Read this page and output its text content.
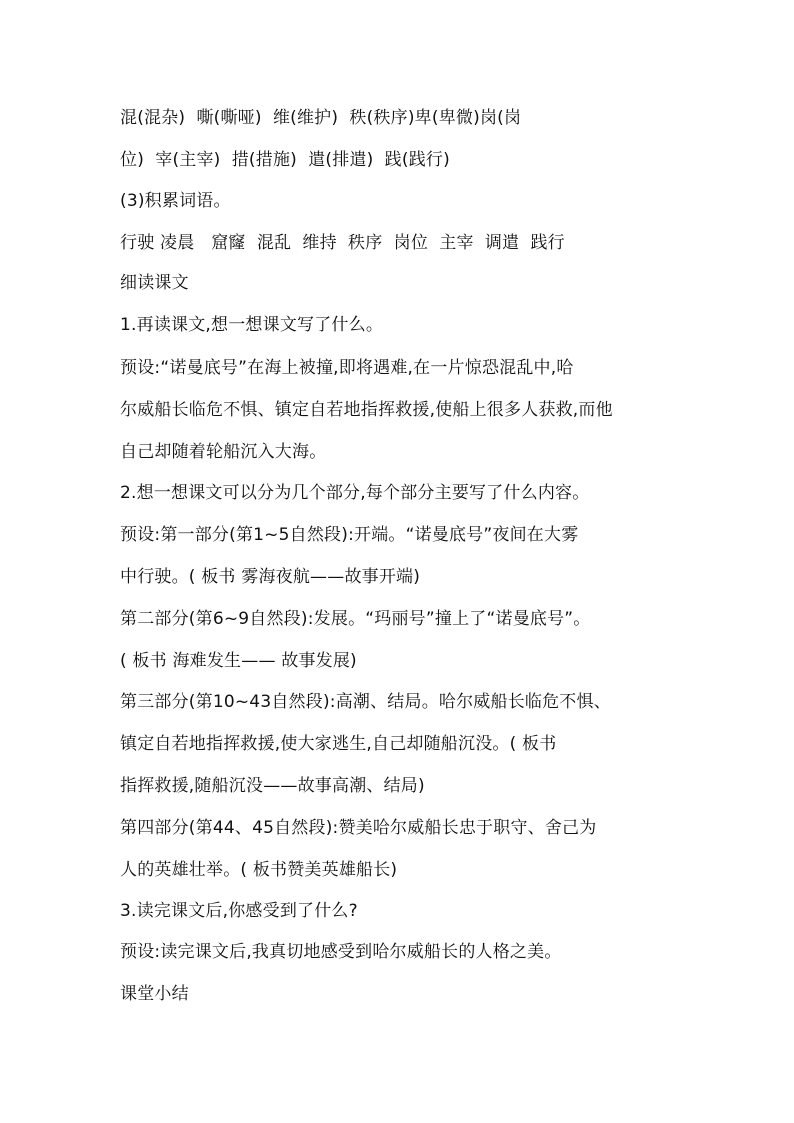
混(混杂)  嘶(嘶哑)  维(维护)  秩(秩序)卑(卑微)岗(岗
位)  宰(主宰)  措(措施)  遣(排遣)  践(践行)
(3)积累词语。
行驶 凌晨   窟窿  混乱  维持  秩序  岗位  主宰  调遣  践行
细读课文
1.再读课文,想一想课文写了什么。
预设:“诺曼底号”在海上被撞,即将遇难,在一片惊恐混乱中,哈
尔威船长临危不惧、镇定自若地指挥救援,使船上很多人获救,而他
自己却随着轮船沉入大海。
2.想一想课文可以分为几个部分,每个部分主要写了什么内容。
预设:第一部分(第1~5自然段):开端。“诺曼底号”夜间在大雾
中行驶。( 板书 雾海夜航——故事开端)
第二部分(第6~9自然段):发展。“玛丽号”撞上了“诺曼底号”。
( 板书 海难发生—— 故事发展)
第三部分(第10~43自然段):高潮、结局。哈尔威船长临危不惧、
镇定自若地指挥救援,使大家逃生,自己却随船沉没。( 板书
指挥救援,随船沉没——故事高潮、结局)
第四部分(第44、45自然段):赞美哈尔威船长忠于职守、舍己为
人的英雄壮举。( 板书赞美英雄船长)
3.读完课文后,你感受到了什么?
预设:读完课文后,我真切地感受到哈尔威船长的人格之美。
课堂小结
